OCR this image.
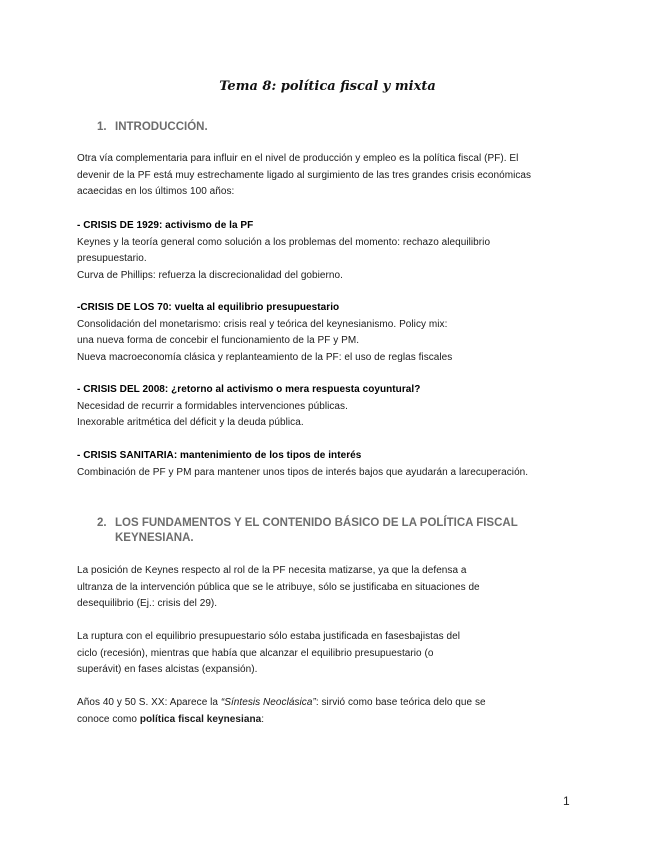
Tema 8: política fiscal y mixta
1. INTRODUCCIÓN.
Otra vía complementaria para influir en el nivel de producción y empleo es la política fiscal (PF). El
devenir de la PF está muy estrechamente ligado al surgimiento de las tres grandes crisis económicas
acaecidas en los últimos 100 años:
- CRISIS DE 1929: activismo de la PF
Keynes y la teoría general como solución a los problemas del momento: rechazo alequilibrio
presupuestario.
Curva de Phillips: refuerza la discrecionalidad del gobierno.
-CRISIS DE LOS 70: vuelta al equilibrio presupuestario
Consolidación del monetarismo: crisis real y teórica del keynesianismo. Policy mix:
una nueva forma de concebir el funcionamiento de la PF y PM.
Nueva macroeconomía clásica y replanteamiento de la PF: el uso de reglas fiscales
- CRISIS DEL 2008: ¿retorno al activismo o mera respuesta coyuntural?
Necesidad de recurrir a formidables intervenciones públicas.
Inexorable aritmética del déficit y la deuda pública.
- CRISIS SANITARIA: mantenimiento de los tipos de interés
Combinación de PF y PM para mantener unos tipos de interés bajos que ayudarán a larecuperación.
2. LOS FUNDAMENTOS Y EL CONTENIDO BÁSICO DE LA POLÍTICA FISCAL
KEYNESIANA.
La posición de Keynes respecto al rol de la PF necesita matizarse, ya que la defensa a
ultranza de la intervención pública que se le atribuye, sólo se justificaba en situaciones de
desequilibrio (Ej.: crisis del 29).
La ruptura con el equilibrio presupuestario sólo estaba justificada en fasesbajistas del
ciclo (recesión), mientras que había que alcanzar el equilibrio presupuestario (o
superávit) en fases alcistas (expansión).
Años 40 y 50 S. XX: Aparece la “Síntesis Neoclásica”: sirvió como base teórica delo que se
conoce como política fiscal keynesiana:
1
